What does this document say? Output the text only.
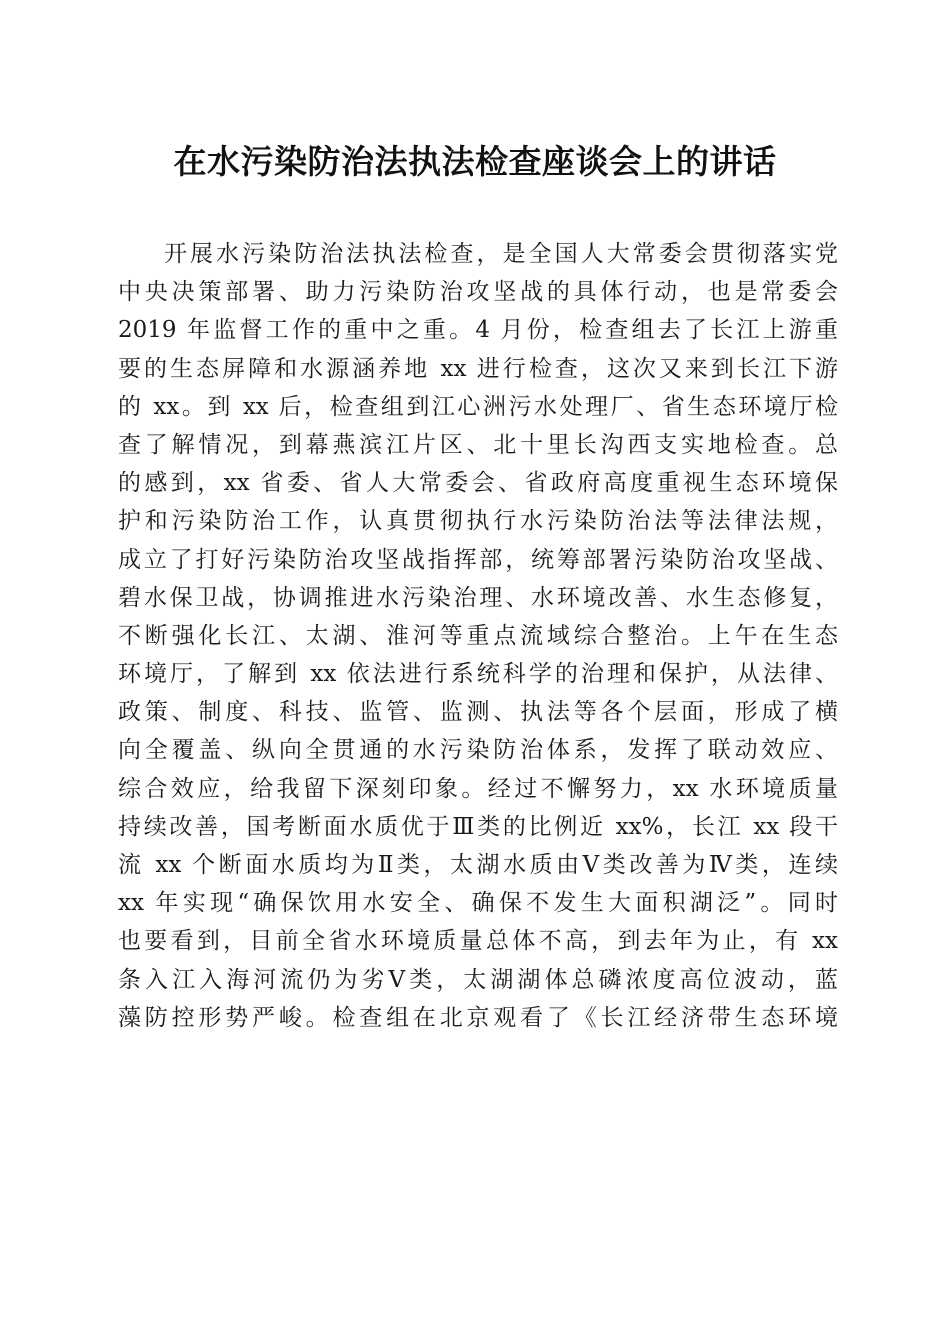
在水污染防治法执法检查座谈会上的讲话
开展水污染防治法执法检查，是全国人大常委会贯彻落实党
中央决策部署、助力污染防治攻坚战的具体行动，也是常委会
2019 年监督工作的重中之重。4 月份，检查组去了长江上游重
要的生态屏障和水源涵养地 xx 进行检查，这次又来到长江下游
的 xx。到 xx 后，检查组到江心洲污水处理厂、省生态环境厅检
查了解情况，到幕燕滨江片区、北十里长沟西支实地检查。总
的感到，xx 省委、省人大常委会、省政府高度重视生态环境保
护和污染防治工作，认真贯彻执行水污染防治法等法律法规，
成立了打好污染防治攻坚战指挥部，统筹部署污染防治攻坚战、
碧水保卫战，协调推进水污染治理、水环境改善、水生态修复，
不断强化长江、太湖、淮河等重点流域综合整治。上午在生态
环境厅，了解到 xx 依法进行系统科学的治理和保护，从法律、
政策、制度、科技、监管、监测、执法等各个层面，形成了横
向全覆盖、纵向全贯通的水污染防治体系，发挥了联动效应、
综合效应，给我留下深刻印象。经过不懈努力，xx 水环境质量
持续改善，国考断面水质优于Ⅲ类的比例近 xx%，长江 xx 段干
流 xx 个断面水质均为Ⅱ类，太湖水质由Ⅴ类改善为Ⅳ类，连续
xx 年实现“确保饮用水安全、确保不发生大面积湖泛”。同时
也要看到，目前全省水环境质量总体不高，到去年为止，有 xx
条入江入海河流仍为劣Ⅴ类，太湖湖体总磷浓度高位波动，蓝
藻防控形势严峻。检查组在北京观看了《长江经济带生态环境
